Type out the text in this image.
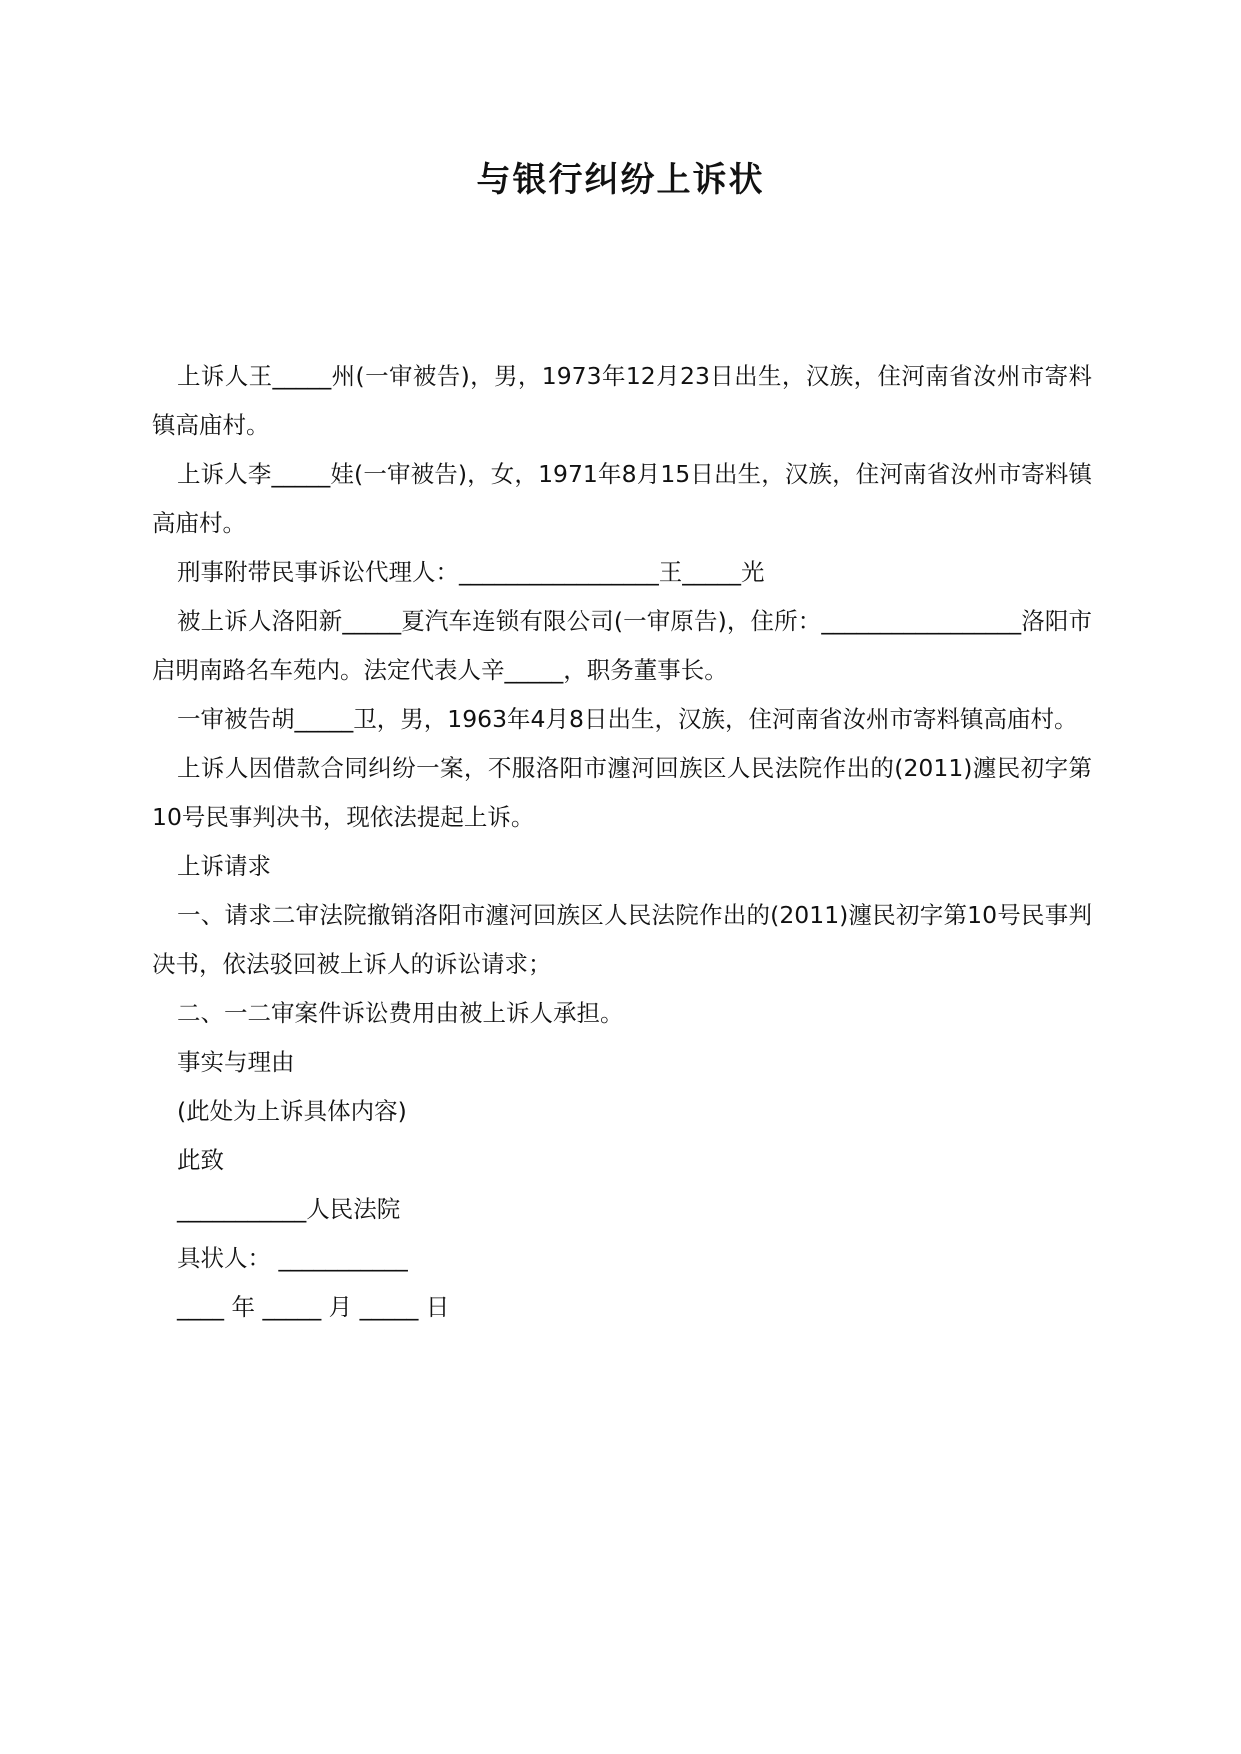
与银行纠纷上诉状

上诉人王_____州(一审被告)，男，1973年12月23日出生，汉族，住河南省汝州市寄料镇高庙村。

上诉人李_____娃(一审被告)，女，1971年8月15日出生，汉族，住河南省汝州市寄料镇高庙村。

刑事附带民事诉讼代理人：_________________王_____光

被上诉人洛阳新_____夏汽车连锁有限公司(一审原告)，住所：_________________洛阳市启明南路名车苑内。法定代表人辛_____，职务董事长。

一审被告胡_____卫，男，1963年4月8日出生，汉族，住河南省汝州市寄料镇高庙村。

上诉人因借款合同纠纷一案，不服洛阳市瀍河回族区人民法院作出的(2011)瀍民初字第10号民事判决书，现依法提起上诉。

上诉请求

一、请求二审法院撤销洛阳市瀍河回族区人民法院作出的(2011)瀍民初字第10号民事判决书，依法驳回被上诉人的诉讼请求；

二、一二审案件诉讼费用由被上诉人承担。

事实与理由

(此处为上诉具体内容)

此致

___________人民法院

具状人： ___________

____ 年 _____ 月 _____ 日
